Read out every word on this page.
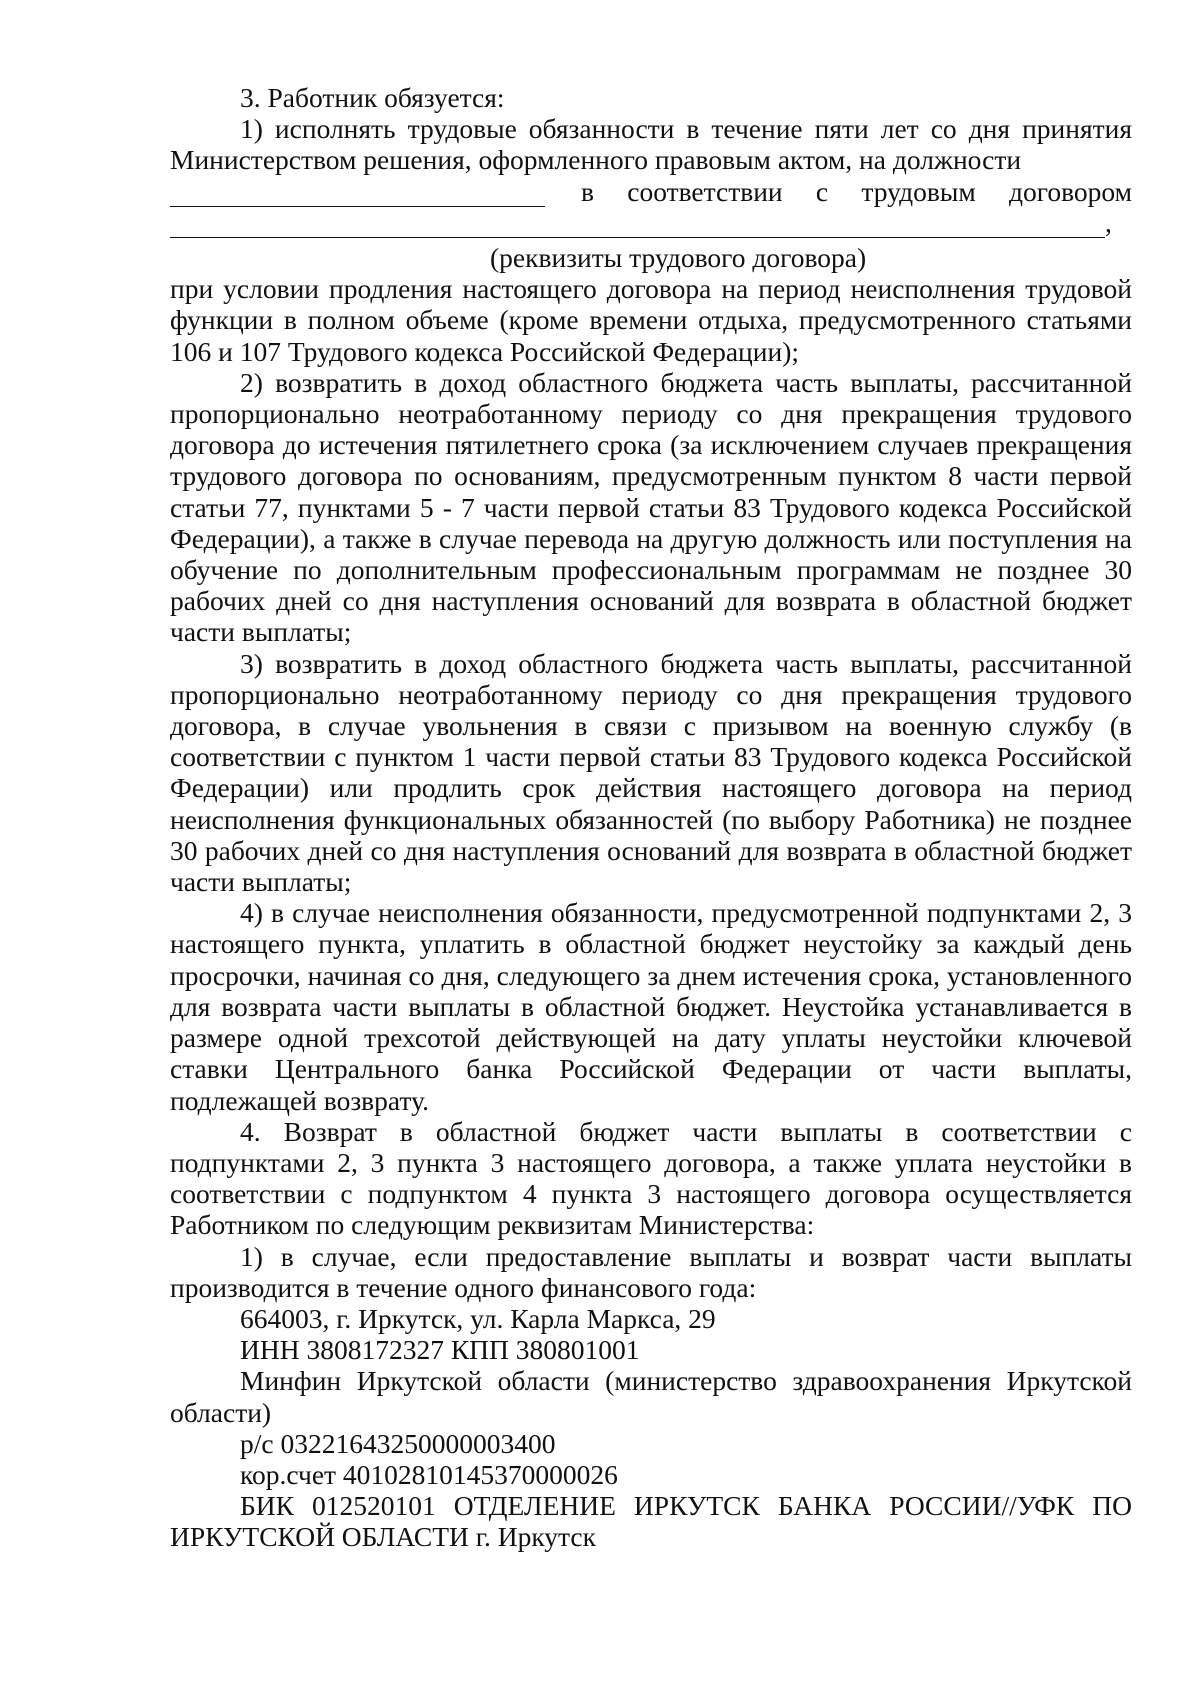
3. Работник обязуется:

1) исполнять трудовые обязанности в течение пяти лет со дня принятия Министерством решения, оформленного правовым актом, на должности

в соответствии с трудовым договором
,

(реквизиты трудового договора)

при условии продления настоящего договора на период неисполнения трудовой функции в полном объеме (кроме времени отдыха, предусмотренного статьями 106 и 107 Трудового кодекса Российской Федерации);

2) возвратить в доход областного бюджета часть выплаты, рассчитанной пропорционально неотработанному периоду со дня прекращения трудового договора до истечения пятилетнего срока (за исключением случаев прекращения трудового договора по основаниям, предусмотренным пунктом 8 части первой статьи 77, пунктами 5 - 7 части первой статьи 83 Трудового кодекса Российской Федерации), а также в случае перевода на другую должность или поступления на обучение по дополнительным профессиональным программам не позднее 30 рабочих дней со дня наступления оснований для возврата в областной бюджет части выплаты;

3) возвратить в доход областного бюджета часть выплаты, рассчитанной пропорционально неотработанному периоду со дня прекращения трудового договора, в случае увольнения в связи с призывом на военную службу (в соответствии с пунктом 1 части первой статьи 83 Трудового кодекса Российской Федерации) или продлить срок действия настоящего договора на период неисполнения функциональных обязанностей (по выбору Работника) не позднее 30 рабочих дней со дня наступления оснований для возврата в областной бюджет части выплаты;

4) в случае неисполнения обязанности, предусмотренной подпунктами 2, 3 настоящего пункта, уплатить в областной бюджет неустойку за каждый день просрочки, начиная со дня, следующего за днем истечения срока, установленного для возврата части выплаты в областной бюджет. Неустойка устанавливается в размере одной трехсотой действующей на дату уплаты неустойки ключевой ставки Центрального банка Российской Федерации от части выплаты, подлежащей возврату.

4. Возврат в областной бюджет части выплаты в соответствии с подпунктами 2, 3 пункта 3 настоящего договора, а также уплата неустойки в соответствии с подпунктом 4 пункта 3 настоящего договора осуществляется Работником по следующим реквизитам Министерства:

1) в случае, если предоставление выплаты и возврат части выплаты производится в течение одного финансового года:

664003, г. Иркутск, ул. Карла Маркса, 29

ИНН 3808172327 КПП 380801001

Минфин Иркутской области (министерство здравоохранения Иркутской области)

р/с 03221643250000003400

кор.счет 40102810145370000026

БИК 012520101 ОТДЕЛЕНИЕ ИРКУТСК БАНКА РОССИИ//УФК ПО ИРКУТСКОЙ ОБЛАСТИ г. Иркутск
